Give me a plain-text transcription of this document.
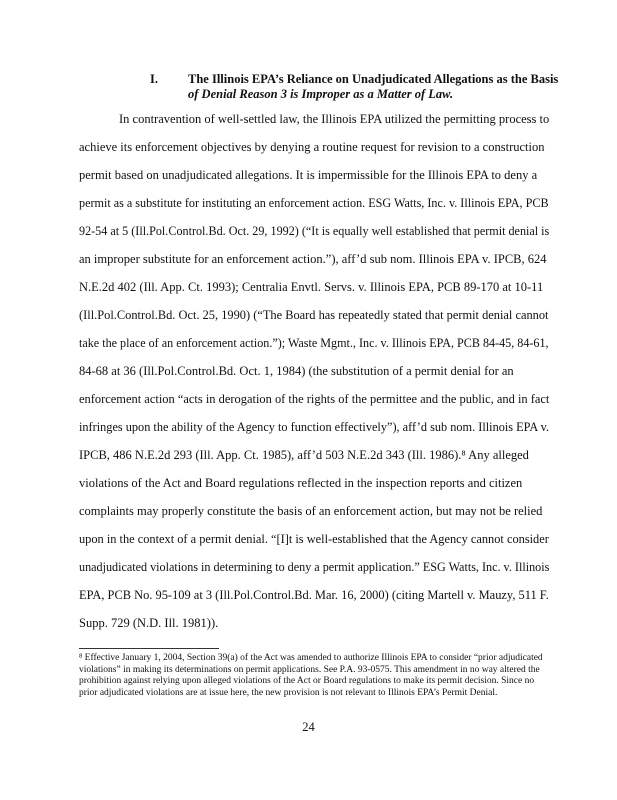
I. The Illinois EPA’s Reliance on Unadjudicated Allegations as the Basis
of Denial Reason 3 is Improper as a Matter of Law.
In contravention of well-settled law, the Illinois EPA utilized the permitting process to
achieve its enforcement objectives by denying a routine request for revision to a construction
permit based on unadjudicated allegations. It is impermissible for the Illinois EPA to deny a
permit as a substitute for instituting an enforcement action. ESG Watts, Inc. v. Illinois EPA, PCB
92-54 at 5 (Ill.Pol.Control.Bd. Oct. 29, 1992) (“It is equally well established that permit denial is
an improper substitute for an enforcement action.”), aff’d sub nom. Illinois EPA v. IPCB, 624
N.E.2d 402 (Ill. App. Ct. 1993); Centralia Envtl. Servs. v. Illinois EPA, PCB 89-170 at 10-11
(Ill.Pol.Control.Bd. Oct. 25, 1990) (“The Board has repeatedly stated that permit denial cannot
take the place of an enforcement action.”); Waste Mgmt., Inc. v. Illinois EPA, PCB 84-45, 84-61,
84-68 at 36 (Ill.Pol.Control.Bd. Oct. 1, 1984) (the substitution of a permit denial for an
enforcement action “acts in derogation of the rights of the permittee and the public, and in fact
infringes upon the ability of the Agency to function effectively”), aff’d sub nom. Illinois EPA v.
IPCB, 486 N.E.2d 293 (Ill. App. Ct. 1985), aff’d 503 N.E.2d 343 (Ill. 1986).⁸ Any alleged
violations of the Act and Board regulations reflected in the inspection reports and citizen
complaints may properly constitute the basis of an enforcement action, but may not be relied
upon in the context of a permit denial. “[I]t is well-established that the Agency cannot consider
unadjudicated violations in determining to deny a permit application.” ESG Watts, Inc. v. Illinois
EPA, PCB No. 95-109 at 3 (Ill.Pol.Control.Bd. Mar. 16, 2000) (citing Martell v. Mauzy, 511 F.
Supp. 729 (N.D. Ill. 1981)).
⁸ Effective January 1, 2004, Section 39(a) of the Act was amended to authorize Illinois EPA to consider “prior adjudicated violations” in making its determinations on permit applications. See P.A. 93-0575. This amendment in no way altered the prohibition against relying upon alleged violations of the Act or Board regulations to make its permit decision. Since no prior adjudicated violations are at issue here, the new provision is not relevant to Illinois EPA’s Permit Denial.
24
